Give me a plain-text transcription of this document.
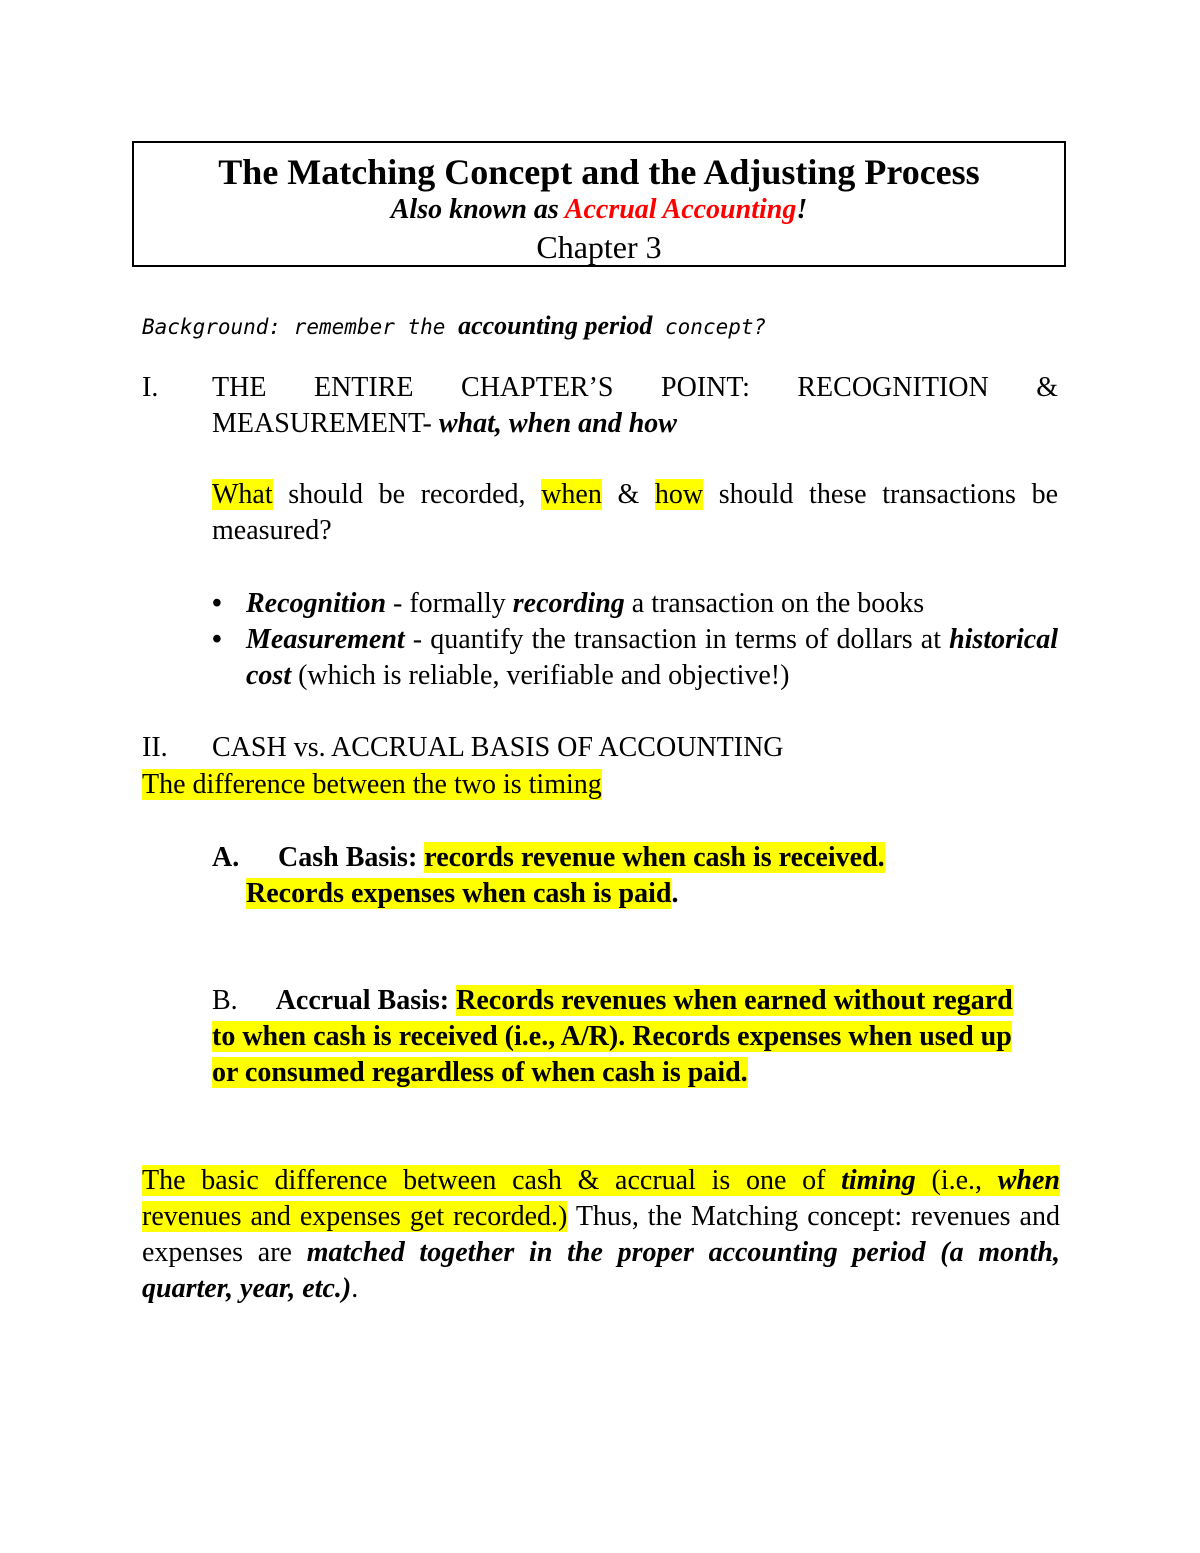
The Matching Concept and the Adjusting Process
Also known as Accrual Accounting!
Chapter 3
Background: remember the accounting period concept?
I. THE ENTIRE CHAPTER’S POINT: RECOGNITION &
MEASUREMENT- what, when and how
What should be recorded, when & how should these transactions be measured?
• Recognition - formally recording a transaction on the books
• Measurement - quantify the transaction in terms of dollars at historical cost (which is reliable, verifiable and objective!)
II. CASH vs. ACCRUAL BASIS OF ACCOUNTING
The difference between the two is timing
A. Cash Basis: records revenue when cash is received.
Records expenses when cash is paid.
B. Accrual Basis: Records revenues when earned without regard to when cash is received (i.e., A/R). Records expenses when used up or consumed regardless of when cash is paid.
The basic difference between cash & accrual is one of timing (i.e., when revenues and expenses get recorded.) Thus, the Matching concept: revenues and expenses are matched together in the proper accounting period (a month, quarter, year, etc.).
